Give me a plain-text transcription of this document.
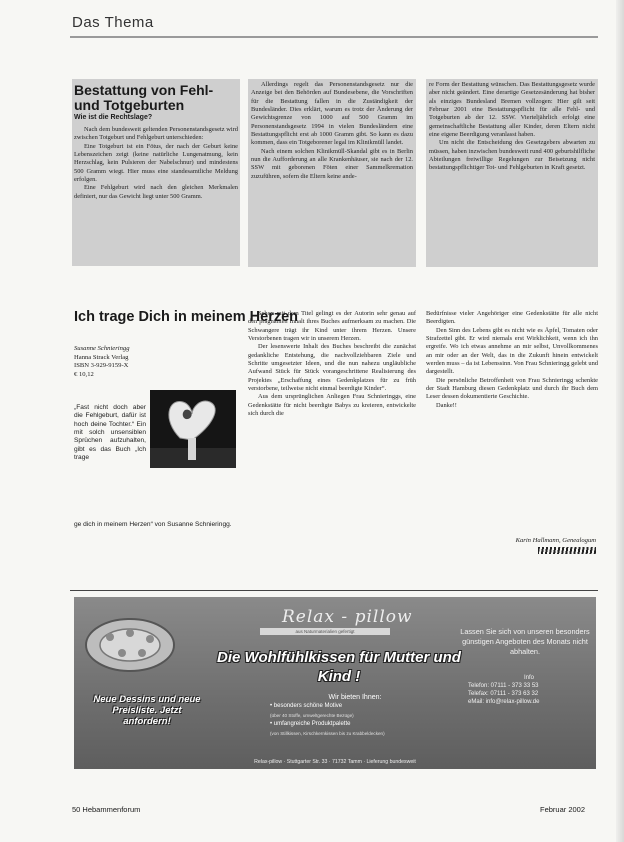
Das Thema
Bestattung von Fehl- und Totgeburten
Wie ist die Rechtslage?

Nach dem bundesweit geltenden Personenstandsgesetz wird zwischen Totgeburt und Fehlgeburt unterschieden:

Eine Totgeburt ist ein Fötus, der nach der Geburt keine Lebenszeichen zeigt (keine natürliche Lungenatmung, kein Herzschlag, kein Pulsieren der Nabelschnur) und mindestens 500 Gramm wiegt. Hier muss eine standesamtliche Meldung erfolgen.

Eine Fehlgeburt wird nach den gleichen Merkmalen definiert, nur das Gewicht liegt unter 500 Gramm.

Allerdings regelt das Personenstandsgesetz nur die Anzeige bei den Behörden auf Bundesebene, die Vorschriften für die Bestattung fallen in die Zuständigkeit der Bundesländer. Dies erklärt, warum es trotz der Änderung der Gewichtsgrenze von 1000 auf 500 Gramm im Personenstandsgesetz 1994 in vielen Bundesländern eine Bestattungspflicht erst ab 1000 Gramm gibt. So kann es dazu kommen, dass ein Totgeborener legal im Klinikmüll landet.

Nach einem solchen Klinikmüll-Skandal gibt es in Berlin nun die Aufforderung an alle Krankenhäuser, sie nach der 12. SSW mit geborenen Föten einer Sammelkremation zuzuführen, sofern die Eltern keine ande-

re Form der Bestattung wünschen. Das Bestattungsgesetz wurde aber nicht geändert. Eine derartige Gesetzesänderung hat bisher als einziges Bundesland Bremen vollzogen: Hier gilt seit Februar 2001 eine Bestattungspflicht für alle Fehl- und Totgeburten ab der 12. SSW. Vierteljährlich erfolgt eine gemeinschaftliche Bestattung aller Kinder, deren Eltern nicht eine eigene Beerdigung veranlasst haben.

Um nicht die Entscheidung des Gesetzgebers abwarten zu müssen, haben inzwischen bundesweit rund 400 geburtshilfliche Abteilungen freiwillige Regelungen zur Beisetzung nicht bestattungspflichtiger Tot- und Fehlgeburten in Kraft gesetzt.

Ich trage Dich in meinem Herzen
Susanne Schnieringg
Hanna Strack Verlag
ISBN 3-929-9159-X
€ 10,12
„Fast nicht doch aber die Fehlgeburt, dafür ist hoch deine Tochter.“ Ein mit solch unsensiblen Sprüchen aufzuhalten, gibt es das Buch „Ich trage
ge dich in meinem Herzen“ von Susanne Schnieringg.

Schon mit dem Titel gelingt es der Autorin sehr genau auf den prägnanten Inhalt ihres Buches aufmerksam zu machen. Die Schwangere trägt ihr Kind unter ihrem Herzen. Unsere Verstorbenen tragen wir in unserem Herzen.

Der lesenswerte Inhalt des Buches beschreibt die zunächst gedankliche Entstehung, die nachvollziehbaren Ziele und Schritte umgesetzter Ideen, und die nun nahezu ungläubliche Aufwand Stück für Stück vorangeschrittene Realisierung des Projektes „Erschaffung eines Gedenkplatzes für zu früh verstorbene, teilweise nicht einmal beerdigte Kinder“.

Aus dem ursprünglichen Anliegen Frau Schnieringgs, eine Gedenkstätte für nicht beerdigte Babys zu kreieren, entwickelte sich durch die

Bedürfnisse vieler Angehöriger eine Gedenkstätte für alle nicht Beerdigten.

Den Sinn des Lebens gibt es nicht wie es Äpfel, Tomaten oder Strafzettel gibt. Er wird niemals erst Wirklichkeit, wenn ich ihn ergreife. Wo ich etwas annehme an mir selbst, Unvollkommenes an mir oder an der Welt, das in die Zukunft hinein entwickelt werden muss – da ist Lebenssinn. Von Frau Schnieringg gelebt und dargestellt.

Die persönliche Betroffenheit von Frau Schnieringg schenkte der Stadt Hamburg diesen Gedenkplatz und durch ihr Buch dem Leser dessen dokumentierte Geschichte.

Danke!!

Karin Hallmann, Genealogum
Relax - pillow
aus Naturmaterialien gefertigt
Die Wohlfühlkissen für Mutter und Kind !
Neue Dessins und neue Preisliste. Jetzt anfordern!
Wir bieten Ihnen:
• besonders schöne Motive
(über 40 Stoffe, umweltgerechte Bezüge)
• umfangreiche Produktpalette
(von Stillkissen, Kirschkernkissen bis zu Krabbeldecken)
Lassen Sie sich von unseren besonders günstigen Angeboten des Monats nicht abhalten.
Info
Telefon: 07111 - 373 33 53
Telefax: 07111 - 373 63 32
eMail: info@relax-pillow.de
Relax-pillow · Stuttgarter Str. 33 · 71732 Tamm · Lieferung bundesweit
50 Hebammenforum	Februar 2002
